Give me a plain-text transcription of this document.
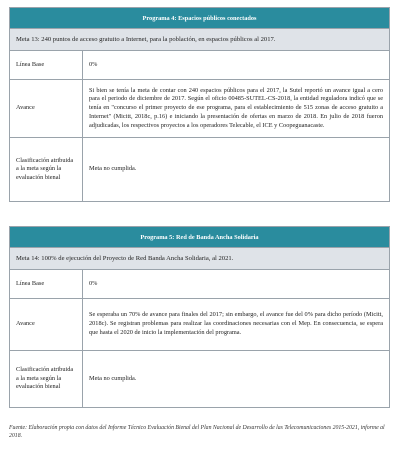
Programa 4: Espacios públicos conectados	
Meta 13: 240 puntos de acceso gratuito a Internet, para la población, en espacios públicos al 2017.	
Línea Base	0%
Avance	Si bien se tenía la meta de contar con 240 espacios públicos para el 2017, la Sutel reportó un avance igual a cero para el periodo de diciembre de 2017. Según el oficio 00485-SUTEL-CS-2018, la entidad reguladora indicó que se tenía en "concurso el primer proyecto de ese programa, para el establecimiento de 515 zonas de acceso gratuito a Internet" (Micitt, 2018c, p.16) e iniciando la presentación de ofertas en marzo de 2018. En julio de 2018 fueron adjudicadas, los respectivos proyectos a los operadores Telecable, el ICE y Coopeguanacaste.
Clasificación atribuida a la meta según la evaluación bienal	Meta no cumplida.
Programa 5: Red de Banda Ancha Solidaria	
Meta 14: 100% de ejecución del Proyecto de Red Banda Ancha Solidaria, al 2021.	
Línea Base	0%
Avance	Se esperaba un 70% de avance para finales del 2017; sin embargo, el avance fue del 0% para dicho período (Micitt, 2018c). Se registran problemas para realizar las coordinaciones necesarias con el Mep. En consecuencia, se espera que hasta el 2020 de inicio la implementación del programa.
Clasificación atribuida a la meta según la evaluación bienal	Meta no cumplida.
Fuente: Elaboración propia con datos del Informe Técnico Evaluación Bienal del Plan Nacional de Desarrollo de las Telecomunicaciones 2015-2021, informe al 2018.
